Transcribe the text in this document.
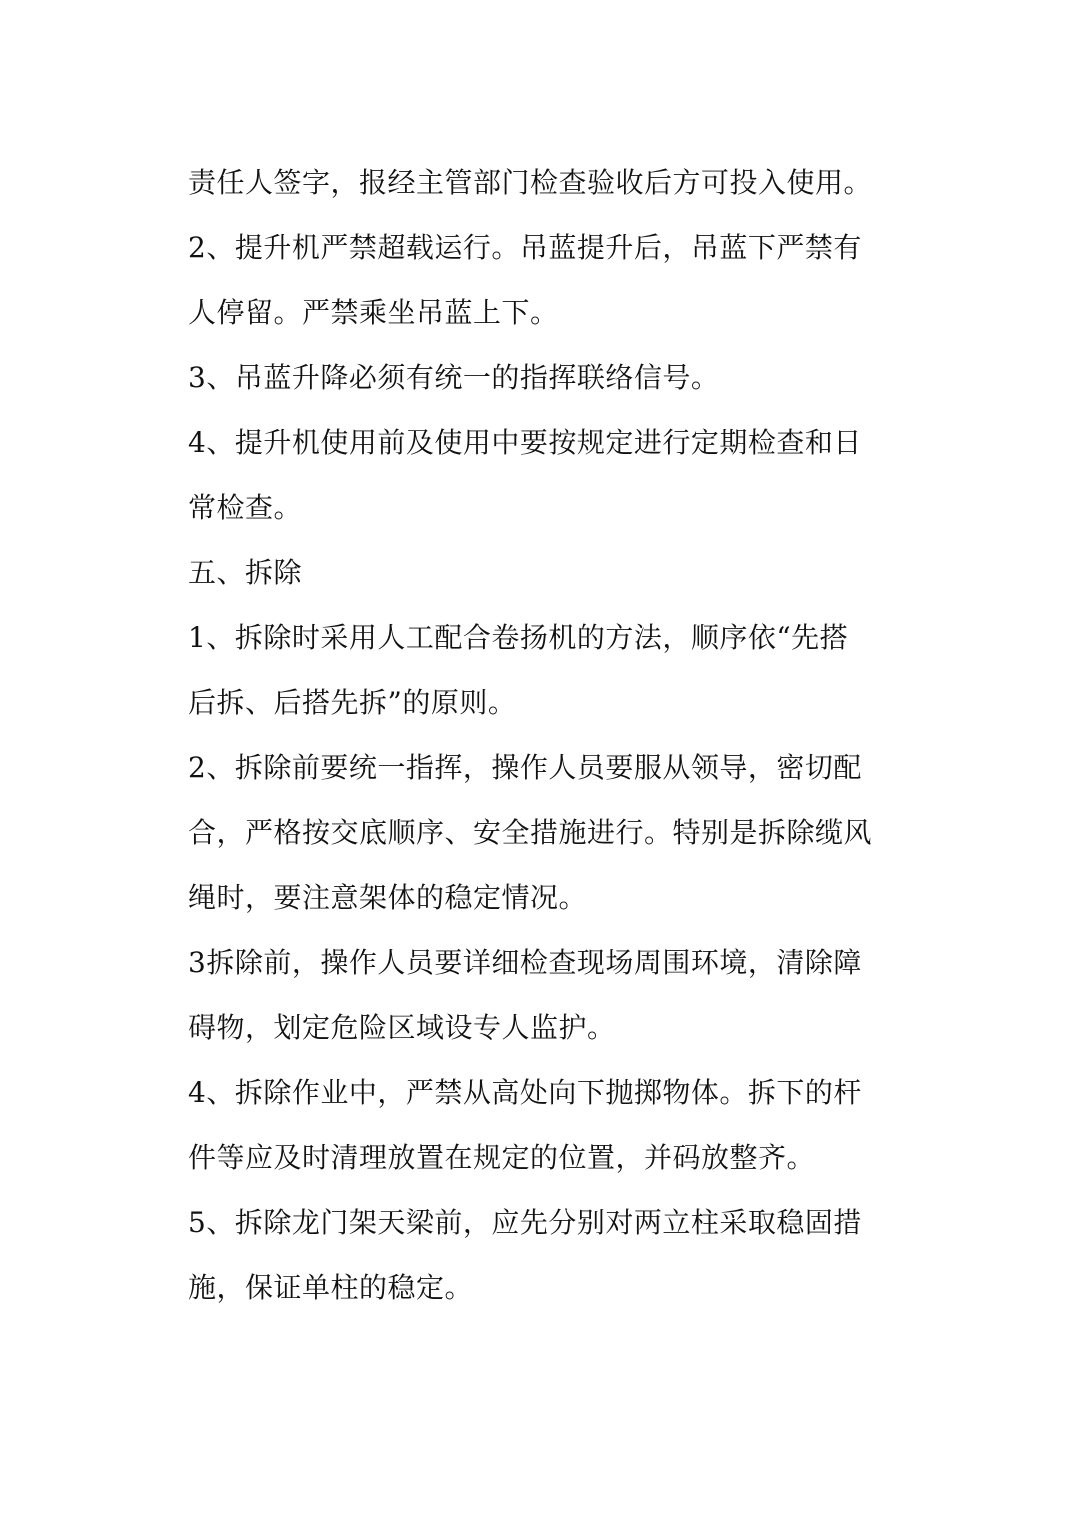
责任人签字，报经主管部门检查验收后方可投入使用。
2、提升机严禁超载运行。吊蓝提升后，吊蓝下严禁有
人停留。严禁乘坐吊蓝上下。
3、吊蓝升降必须有统一的指挥联络信号。
4、提升机使用前及使用中要按规定进行定期检查和日
常检查。
五、拆除
1、拆除时采用人工配合卷扬机的方法，顺序依“先搭
后拆、后搭先拆”的原则。
2、拆除前要统一指挥，操作人员要服从领导，密切配
合，严格按交底顺序、安全措施进行。特别是拆除缆风
绳时，要注意架体的稳定情况。
3拆除前，操作人员要详细检查现场周围环境，清除障
碍物，划定危险区域设专人监护。
4、拆除作业中，严禁从高处向下抛掷物体。拆下的杆
件等应及时清理放置在规定的位置，并码放整齐。
5、拆除龙门架天梁前，应先分别对两立柱采取稳固措
施，保证单柱的稳定。
